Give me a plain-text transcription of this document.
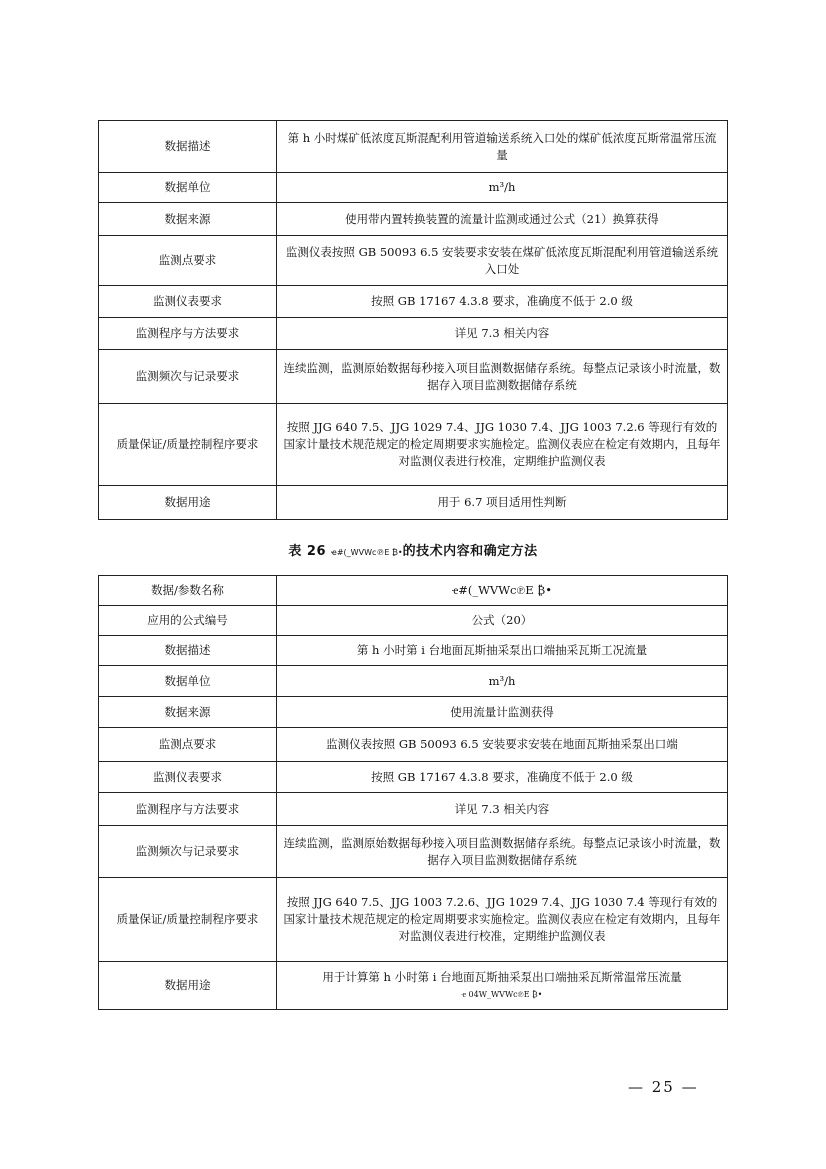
数据描述	第 h 小时煤矿低浓度瓦斯混配利用管道输送系统入口处的煤矿低浓度瓦斯常温常压流量
数据单位	m³/h
数据来源	使用带内置转换装置的流量计监测或通过公式（21）换算获得
监测点要求	监测仪表按照 GB 50093 6.5 安装要求安装在煤矿低浓度瓦斯混配利用管道输送系统入口处
监测仪表要求	按照 GB 17167 4.3.8 要求，准确度不低于 2.0 级
监测程序与方法要求	详见 7.3 相关内容
监测频次与记录要求	连续监测，监测原始数据每秒接入项目监测数据储存系统。每整点记录该小时流量，数据存入项目监测数据储存系统
质量保证/质量控制程序要求	按照 JJG 640 7.5、JJG 1029 7.4、JJG 1030 7.4、JJG 1003 7.2.6 等现行有效的国家计量技术规范规定的检定周期要求实施检定。监测仪表应在检定有效期内，且每年对监测仪表进行校准，定期维护监测仪表
数据用途	用于 6.7 项目适用性判断
表 26 ҽ#(_WVWϲ℗E ₿•的技术内容和确定方法
数据/参数名称	ҽ#(_WVWϲ℗E ₿•
应用的公式编号	公式（20）
数据描述	第 h 小时第 i 台地面瓦斯抽采泵出口端抽采瓦斯工况流量
数据单位	m³/h
数据来源	使用流量计监测获得
监测点要求	监测仪表按照 GB 50093 6.5 安装要求安装在地面瓦斯抽采泵出口端
监测仪表要求	按照 GB 17167 4.3.8 要求，准确度不低于 2.0 级
监测程序与方法要求	详见 7.3 相关内容
监测频次与记录要求	连续监测，监测原始数据每秒接入项目监测数据储存系统。每整点记录该小时流量，数据存入项目监测数据储存系统
质量保证/质量控制程序要求	按照 JJG 640 7.5、JJG 1003 7.2.6、JJG 1029 7.4、JJG 1030 7.4 等现行有效的国家计量技术规范规定的检定周期要求实施检定。监测仪表应在检定有效期内，且每年对监测仪表进行校准，定期维护监测仪表
数据用途	用于计算第 h 小时第 i 台地面瓦斯抽采泵出口端抽采瓦斯常温常压流量
ҽ 04W_WVWϲ℗E ₿•
— 25 —
